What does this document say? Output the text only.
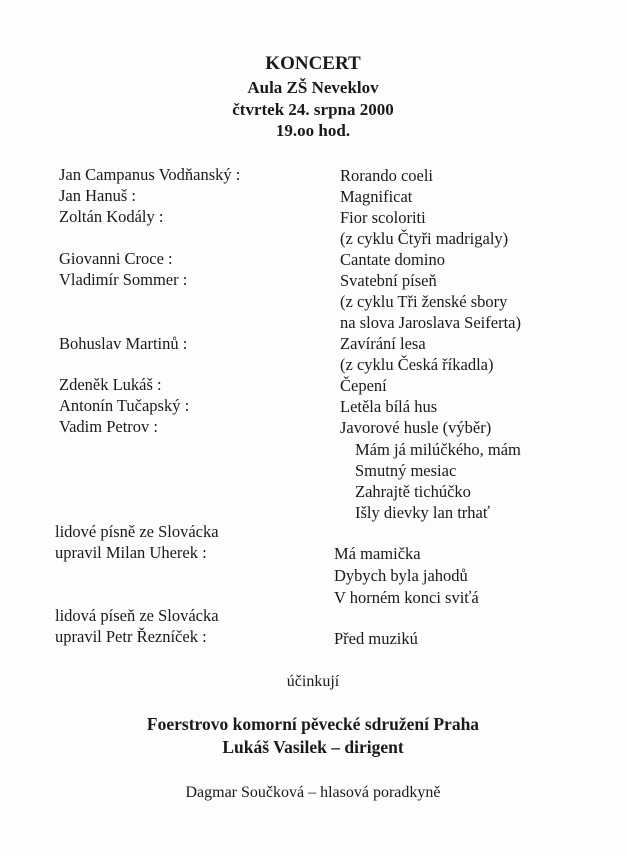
KONCERT
Aula ZŠ Neveklov
čtvrtek 24. srpna 2000
19.oo hod.
Jan Campanus Vodňanský :
Jan Hanuš :
Zoltán Kodály :
Giovanni Croce :
Vladimír Sommer :
Bohuslav Martinů :
Zdeněk Lukáš :
Antonín Tučapský :
Vadim Petrov :
lidové písně ze Slovácka
upravil Milan Uherek :
lidová píseň ze Slovácka
upravil Petr Řezníček :
Rorando coeli
Magnificat
Fior scoloriti
(z cyklu Čtyři madrigaly)
Cantate domino
Svatební píseň
(z cyklu Tři ženské sbory
na slova Jaroslava Seiferta)
Zavírání lesa
(z cyklu Česká říkadla)
Čepení
Letěla bílá hus
Javorové husle (výběr)
Mám já milúčkého, mám
Smutný mesiac
Zahrajtě tichúčko
Išly dievky lan trhať
Má mamička
Dybych byla jahodů
V horném konci sviťá
Před muzikú
účinkují
Foerstrovo komorní pěvecké sdružení Praha
Lukáš Vasilek – dirigent
Dagmar Součková – hlasová poradkyně
